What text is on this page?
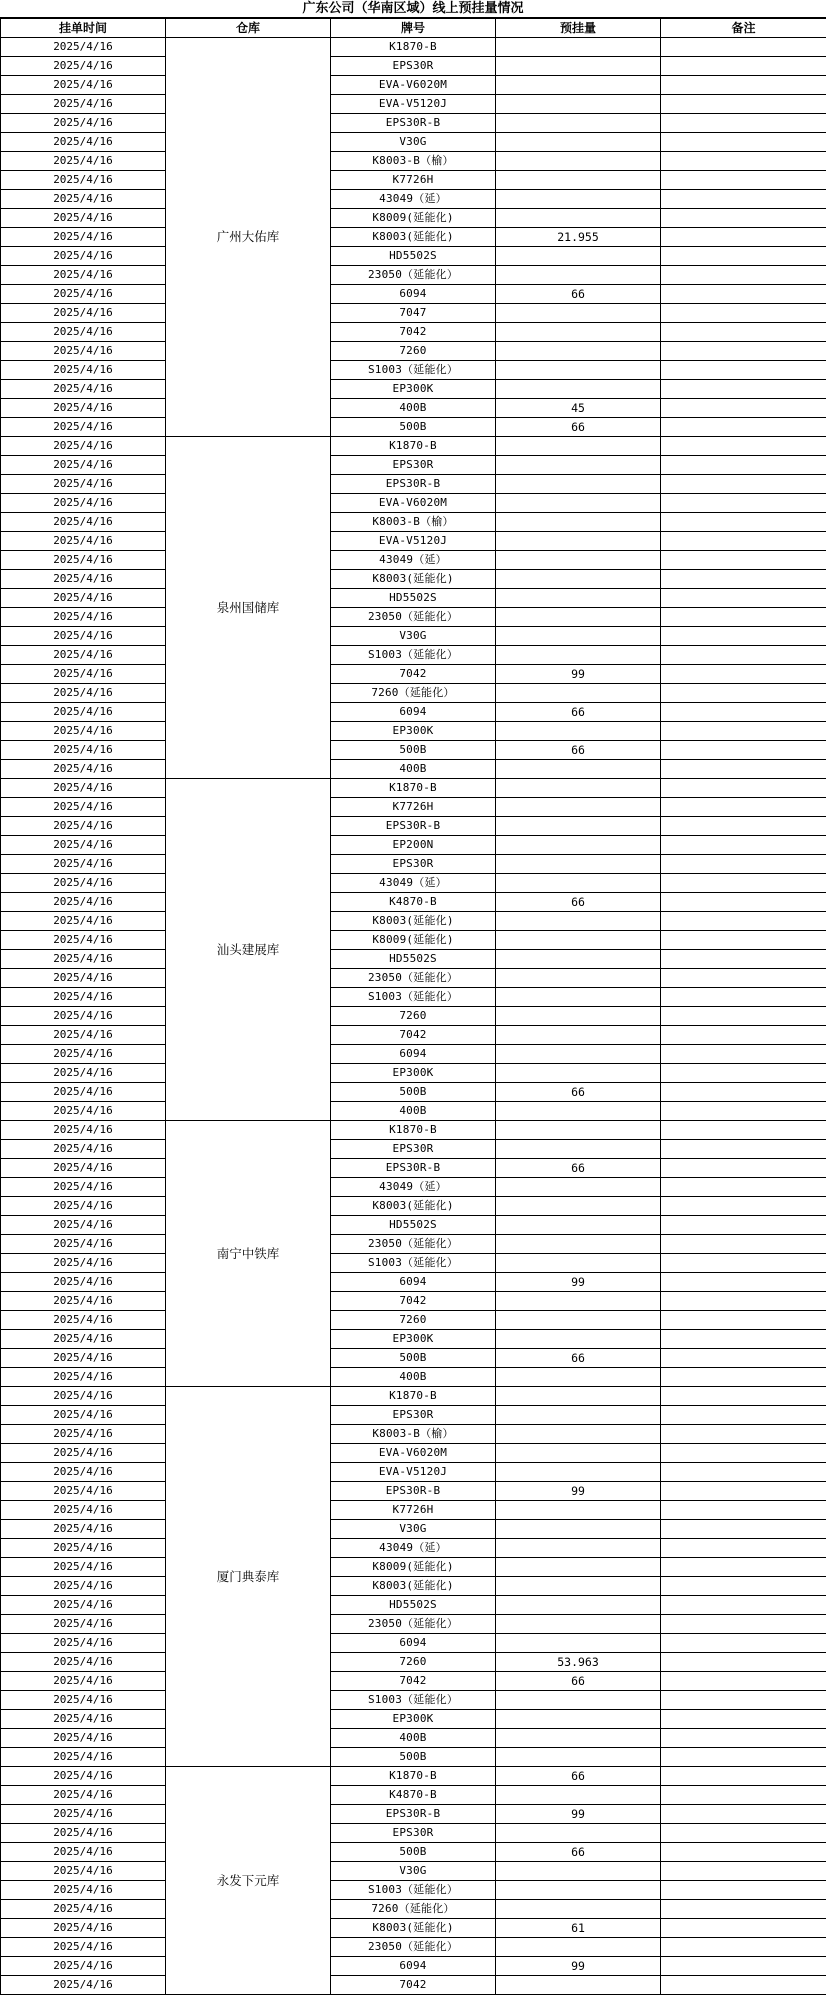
广东公司（华南区域）线上预挂量情况
挂单时间	仓库	牌号	预挂量	备注
2025/4/16	广州大佑库	K1870-B		
2025/4/16		EPS30R		
2025/4/16		EVA-V6020M		
2025/4/16		EVA-V5120J		
2025/4/16		EPS30R-B		
2025/4/16		V30G		
2025/4/16		K8003-B（榆）		
2025/4/16		K7726H		
2025/4/16		43049（延）		
2025/4/16		K8009(延能化)		
2025/4/16		K8003(延能化)	21.955	
2025/4/16		HD5502S		
2025/4/16		23050（延能化）		
2025/4/16		6094	66	
2025/4/16		7047		
2025/4/16		7042		
2025/4/16		7260		
2025/4/16		S1003（延能化）		
2025/4/16		EP300K		
2025/4/16		400B	45	
2025/4/16		500B	66	
2025/4/16	泉州国储库	K1870-B		
2025/4/16		EPS30R		
2025/4/16		EPS30R-B		
2025/4/16		EVA-V6020M		
2025/4/16		K8003-B（榆）		
2025/4/16		EVA-V5120J		
2025/4/16		43049（延）		
2025/4/16		K8003(延能化)		
2025/4/16		HD5502S		
2025/4/16		23050（延能化）		
2025/4/16		V30G		
2025/4/16		S1003（延能化）		
2025/4/16		7042	99	
2025/4/16		7260（延能化）		
2025/4/16		6094	66	
2025/4/16		EP300K		
2025/4/16		500B	66	
2025/4/16		400B		
2025/4/16	汕头建展库	K1870-B		
2025/4/16		K7726H		
2025/4/16		EPS30R-B		
2025/4/16		EP200N		
2025/4/16		EPS30R		
2025/4/16		43049（延）		
2025/4/16		K4870-B	66	
2025/4/16		K8003(延能化)		
2025/4/16		K8009(延能化)		
2025/4/16		HD5502S		
2025/4/16		23050（延能化）		
2025/4/16		S1003（延能化）		
2025/4/16		7260		
2025/4/16		7042		
2025/4/16		6094		
2025/4/16		EP300K		
2025/4/16		500B	66	
2025/4/16		400B		
2025/4/16	南宁中铁库	K1870-B		
2025/4/16		EPS30R		
2025/4/16		EPS30R-B	66	
2025/4/16		43049（延）		
2025/4/16		K8003(延能化)		
2025/4/16		HD5502S		
2025/4/16		23050（延能化）		
2025/4/16		S1003（延能化）		
2025/4/16		6094	99	
2025/4/16		7042		
2025/4/16		7260		
2025/4/16		EP300K		
2025/4/16		500B	66	
2025/4/16		400B		
2025/4/16	厦门典泰库	K1870-B		
2025/4/16		EPS30R		
2025/4/16		K8003-B（榆）		
2025/4/16		EVA-V6020M		
2025/4/16		EVA-V5120J		
2025/4/16		EPS30R-B	99	
2025/4/16		K7726H		
2025/4/16		V30G		
2025/4/16		43049（延）		
2025/4/16		K8009(延能化)		
2025/4/16		K8003(延能化)		
2025/4/16		HD5502S		
2025/4/16		23050（延能化）		
2025/4/16		6094		
2025/4/16		7260	53.963	
2025/4/16		7042	66	
2025/4/16		S1003（延能化）		
2025/4/16		EP300K		
2025/4/16		400B		
2025/4/16		500B		
2025/4/16	永发下元库	K1870-B	66	
2025/4/16		K4870-B		
2025/4/16		EPS30R-B	99	
2025/4/16		EPS30R		
2025/4/16		500B	66	
2025/4/16		V30G		
2025/4/16		S1003（延能化）		
2025/4/16		7260（延能化）		
2025/4/16		K8003(延能化)	61	
2025/4/16		23050（延能化）		
2025/4/16		6094	99	
2025/4/16		7042		
